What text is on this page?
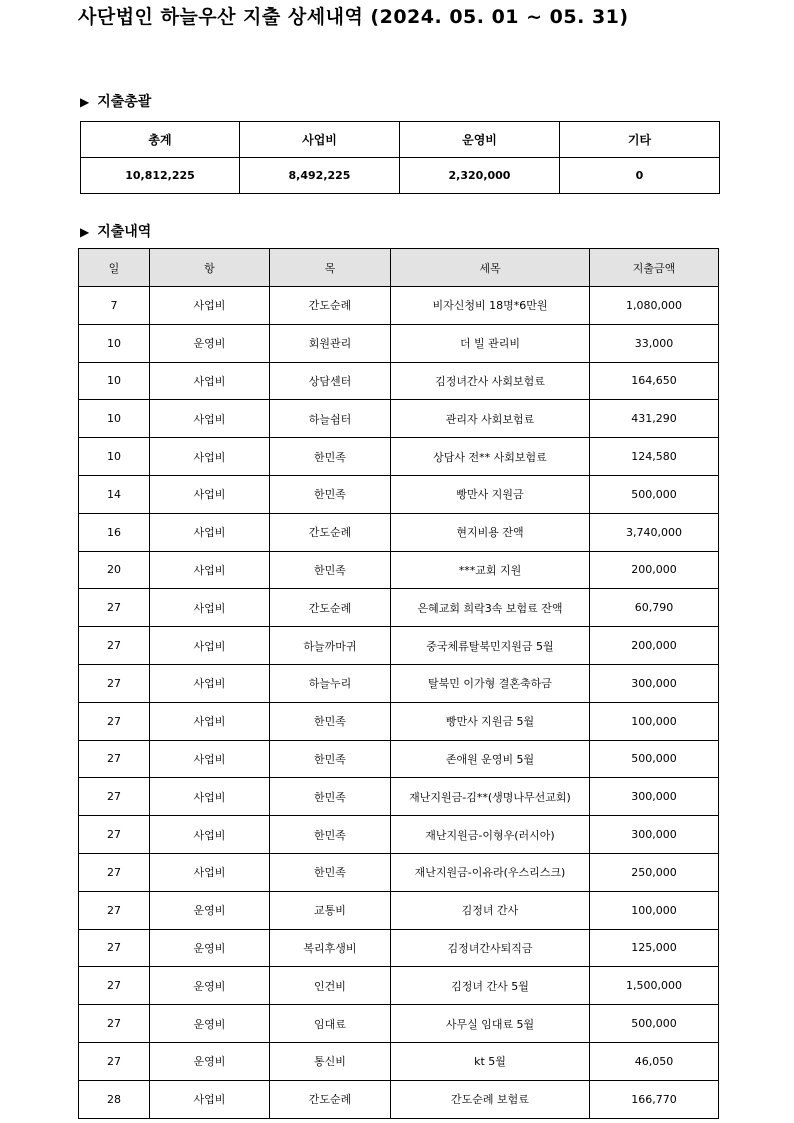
사단법인 하늘우산 지출 상세내역 (2024. 05. 01 ~ 05. 31)
▶ 지출총괄
총계	사업비	운영비	기타
10,812,225	8,492,225	2,320,000	0
▶ 지출내역
일	항	목	세목	지출금액
7	사업비	간도순례	비자신청비 18명*6만원	1,080,000
10	운영비	회원관리	더 빌 관리비	33,000
10	사업비	상담센터	김정녀간사 사회보험료	164,650
10	사업비	하늘쉼터	관리자 사회보험료	431,290
10	사업비	한민족	상담사 전** 사회보험료	124,580
14	사업비	한민족	빵만사 지원금	500,000
16	사업비	간도순례	현지비용 잔액	3,740,000
20	사업비	한민족	***교회 지원	200,000
27	사업비	간도순례	은혜교회 희락3속 보험료 잔액	60,790
27	사업비	하늘까마귀	중국체류탈북민지원금 5월	200,000
27	사업비	하늘누리	탈북민 이가형 결혼축하금	300,000
27	사업비	한민족	빵만사 지원금 5월	100,000
27	사업비	한민족	존애원 운영비 5월	500,000
27	사업비	한민족	재난지원금-김**(생명나무선교회)	300,000
27	사업비	한민족	재난지원금-이형우(러시아)	300,000
27	사업비	한민족	재난지원금-이유라(우스리스크)	250,000
27	운영비	교통비	김정녀 간사	100,000
27	운영비	복리후생비	김정녀간사퇴직금	125,000
27	운영비	인건비	김정녀 간사 5월	1,500,000
27	운영비	임대료	사무실 임대료 5월	500,000
27	운영비	통신비	kt 5월	46,050
28	사업비	간도순례	간도순례 보험료	166,770
